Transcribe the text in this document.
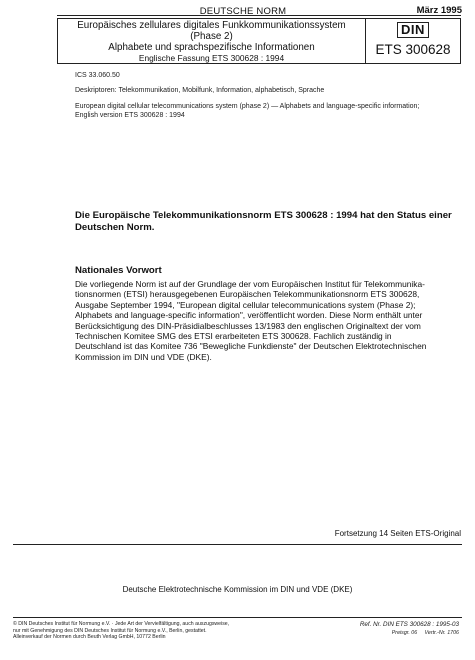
DEUTSCHE NORM	März 1995
Europäisches zellulares digitales Funkkommunikationssystem
(Phase 2)
Alphabete und sprachspezifische Informationen
Englische Fassung ETS 300628 : 1994
DIN
ETS 300628
ICS 33.060.50
Deskriptoren: Telekommunikation, Mobilfunk, Information, alphabetisch, Sprache
European digital cellular telecommunications system (phase 2) — Alphabets and language-specific information;
English version ETS 300628 : 1994
Die Europäische Telekommunikationsnorm ETS 300628 : 1994 hat den Status einer
Deutschen Norm.
Nationales Vorwort
Die vorliegende Norm ist auf der Grundlage der vom Europäischen Institut für Telekommunika-
tionsnormen (ETSI) herausgegebenen Europäischen Telekommunikationsnorm ETS 300628,
Ausgabe September 1994, "European digital cellular telecommunications system (Phase 2);
Alphabets and language-specific information", veröffentlicht worden. Diese Norm enthält unter
Berücksichtigung des DIN-Präsidialbeschlusses 13/1983 den englischen Originaltext der vom
Technischen Komitee SMG des ETSI erarbeiteten ETS 300628. Fachlich zuständig in
Deutschland ist das Komitee 736 "Bewegliche Funkdienste" der Deutschen Elektrotechnischen
Kommission im DIN und VDE (DKE).
Fortsetzung 14 Seiten ETS-Original
Deutsche Elektrotechnische Kommission im DIN und VDE (DKE)
© DIN Deutsches Institut für Normung e.V. · Jede Art der Vervielfältigung, auch auszugsweise,
nur mit Genehmigung des DIN Deutsches Institut für Normung e.V., Berlin, gestattet.
Alleinverkauf der Normen durch Beuth Verlag GmbH, 10772 Berlin
Ref. Nr. DIN ETS 300628 : 1995-03
Preisgr. 06 Vertr.-Nr. 1706
